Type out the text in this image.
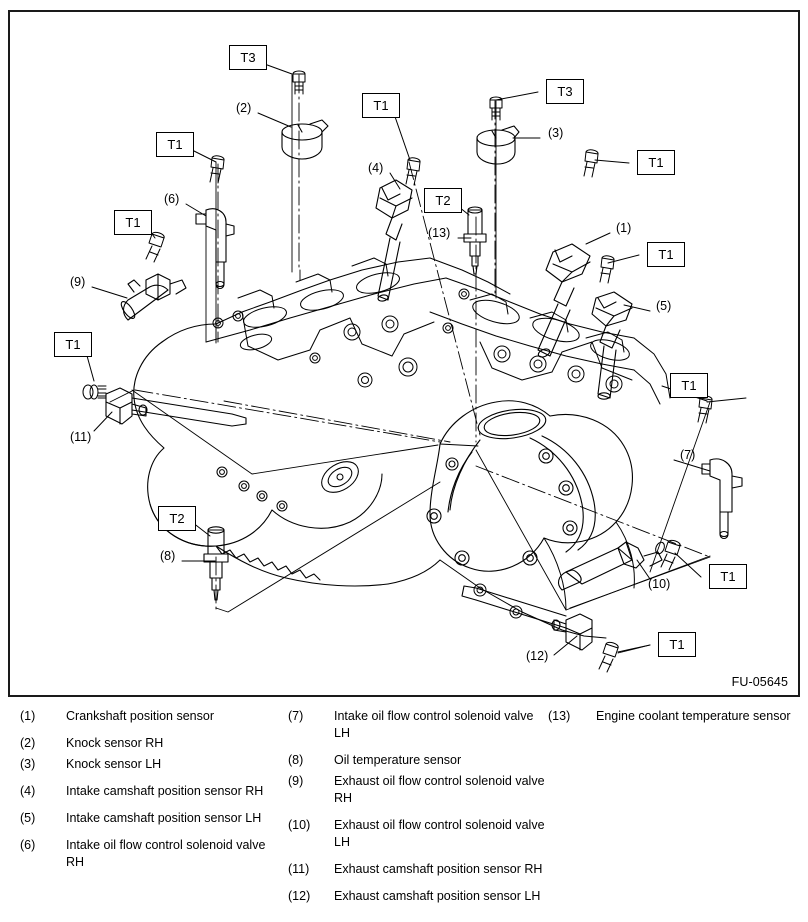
T1
T3
T1
T3
T1
T2
T1
T1
T1
T1
T2
T1
T1
(2)
(4)
(3)
(13)	(1)
(5)
(6)
(9)
(11)
(7)
(8)
(10)
(12)
FU-05645
(1)	Crankshaft position sensor
(2)	Knock sensor RH
(3)	Knock sensor LH
(4)	Intake camshaft position sensor RH
(5)	Intake camshaft position sensor LH
(6)	Intake oil flow control solenoid valve RH
(7)	Intake oil flow control solenoid valve LH
(8)	Oil temperature sensor
(9)	Exhaust oil flow control solenoid valve RH
(10)	Exhaust oil flow control solenoid valve LH
(11)	Exhaust camshaft position sensor RH
(12)	Exhaust camshaft position sensor LH
(13)	Engine coolant temperature sensor
